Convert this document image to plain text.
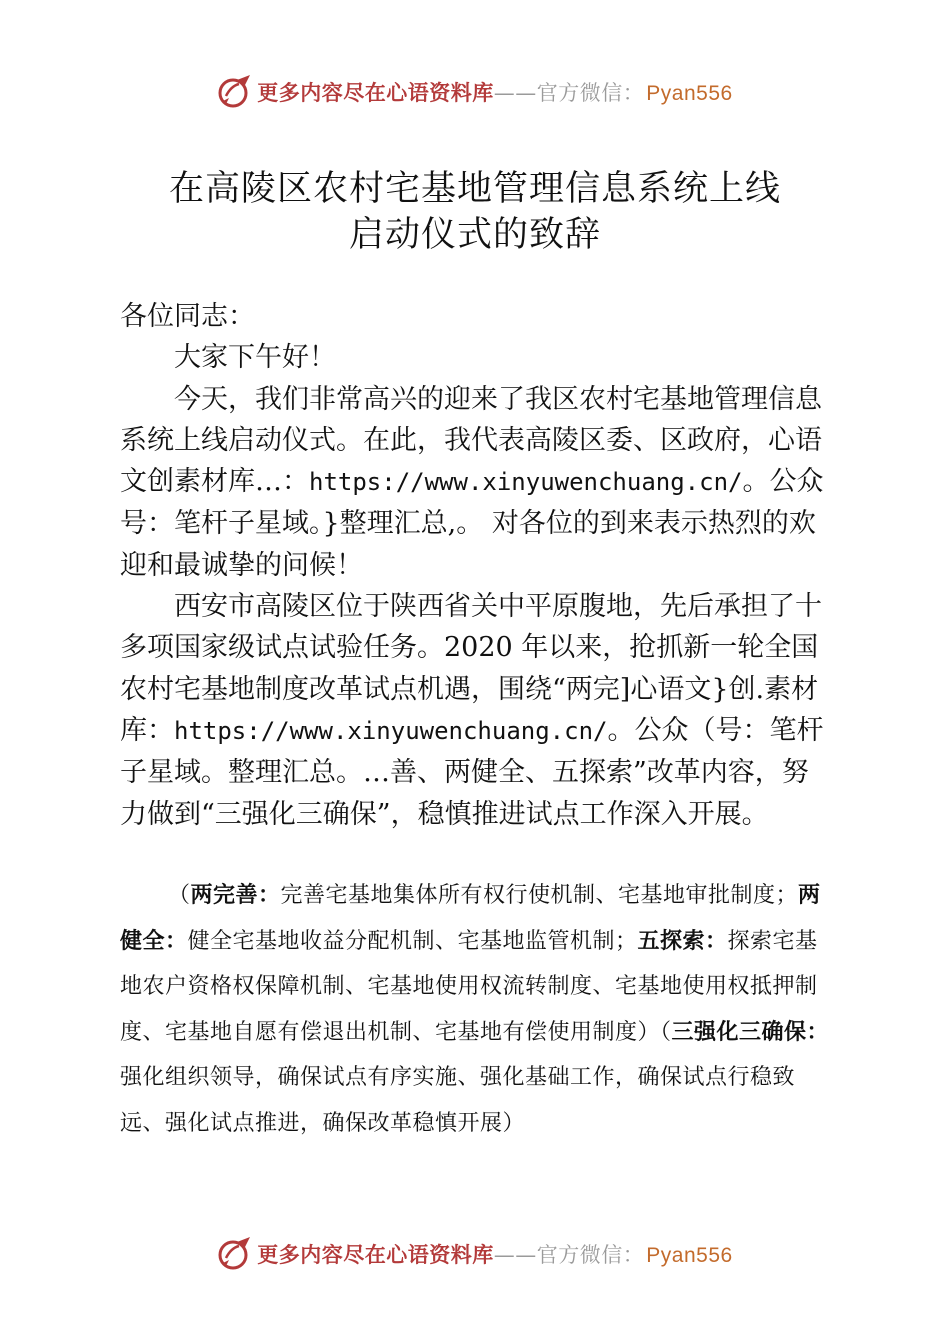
更多内容尽在心语资料库——官方微信：Pyan556
在高陵区农村宅基地管理信息系统上线
启动仪式的致辞

各位同志：

大家下午好！

今天，我们非常高兴的迎来了我区农村宅基地管理信息系统上线启动仪式。在此，我代表高陵区委、区政府，心语文创素材库…：https://www.xinyuwenchuang.cn/。公众号：笔杆子星域。}整理汇总,。 对各位的到来表示热烈的欢迎和最诚挚的问候！

西安市高陵区位于陕西省关中平原腹地，先后承担了十多项国家级试点试验任务。2020 年以来，抢抓新一轮全国农村宅基地制度改革试点机遇，围绕“两完]心语文}创.素材库：https://www.xinyuwenchuang.cn/。公众（号：笔杆子星域。整理汇总。…善、两健全、五探索”改革内容，努力做到“三强化三确保”，稳慎推进试点工作深入开展。

（两完善：完善宅基地集体所有权行使机制、宅基地审批制度；两健全：健全宅基地收益分配机制、宅基地监管机制；五探索：探索宅基地农户资格权保障机制、宅基地使用权流转制度、宅基地使用权抵押制度、宅基地自愿有偿退出机制、宅基地有偿使用制度）（三强化三确保：强化组织领导，确保试点有序实施、强化基础工作，确保试点行稳致远、强化试点推进，确保改革稳慎开展）
更多内容尽在心语资料库——官方微信：Pyan556
